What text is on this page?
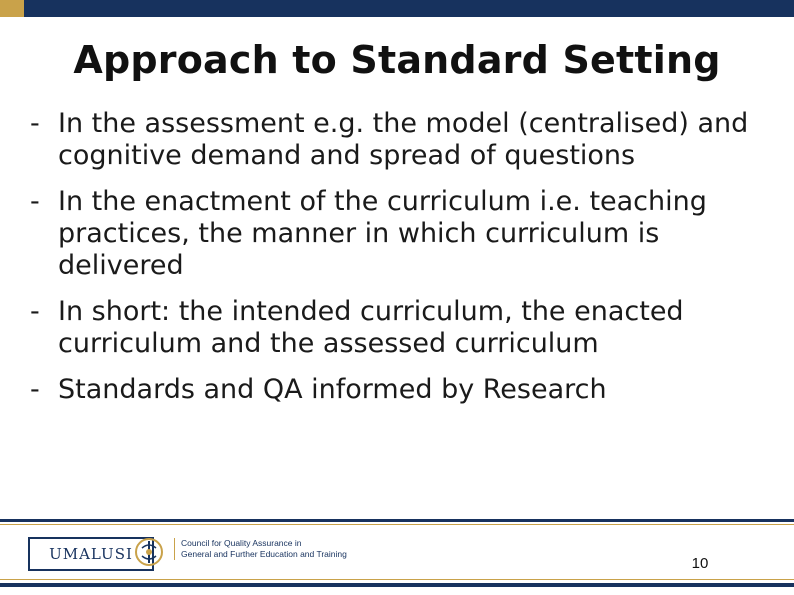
Approach to Standard Setting
- In the assessment e.g. the model (centralised) and cognitive demand and spread of questions
- In the enactment of the curriculum i.e. teaching practices, the manner in which curriculum is delivered
- In short: the intended curriculum, the enacted curriculum and the assessed curriculum
- Standards and QA informed by Research
UMALUSI
Council for Quality Assurance in
General and Further Education and Training
10
